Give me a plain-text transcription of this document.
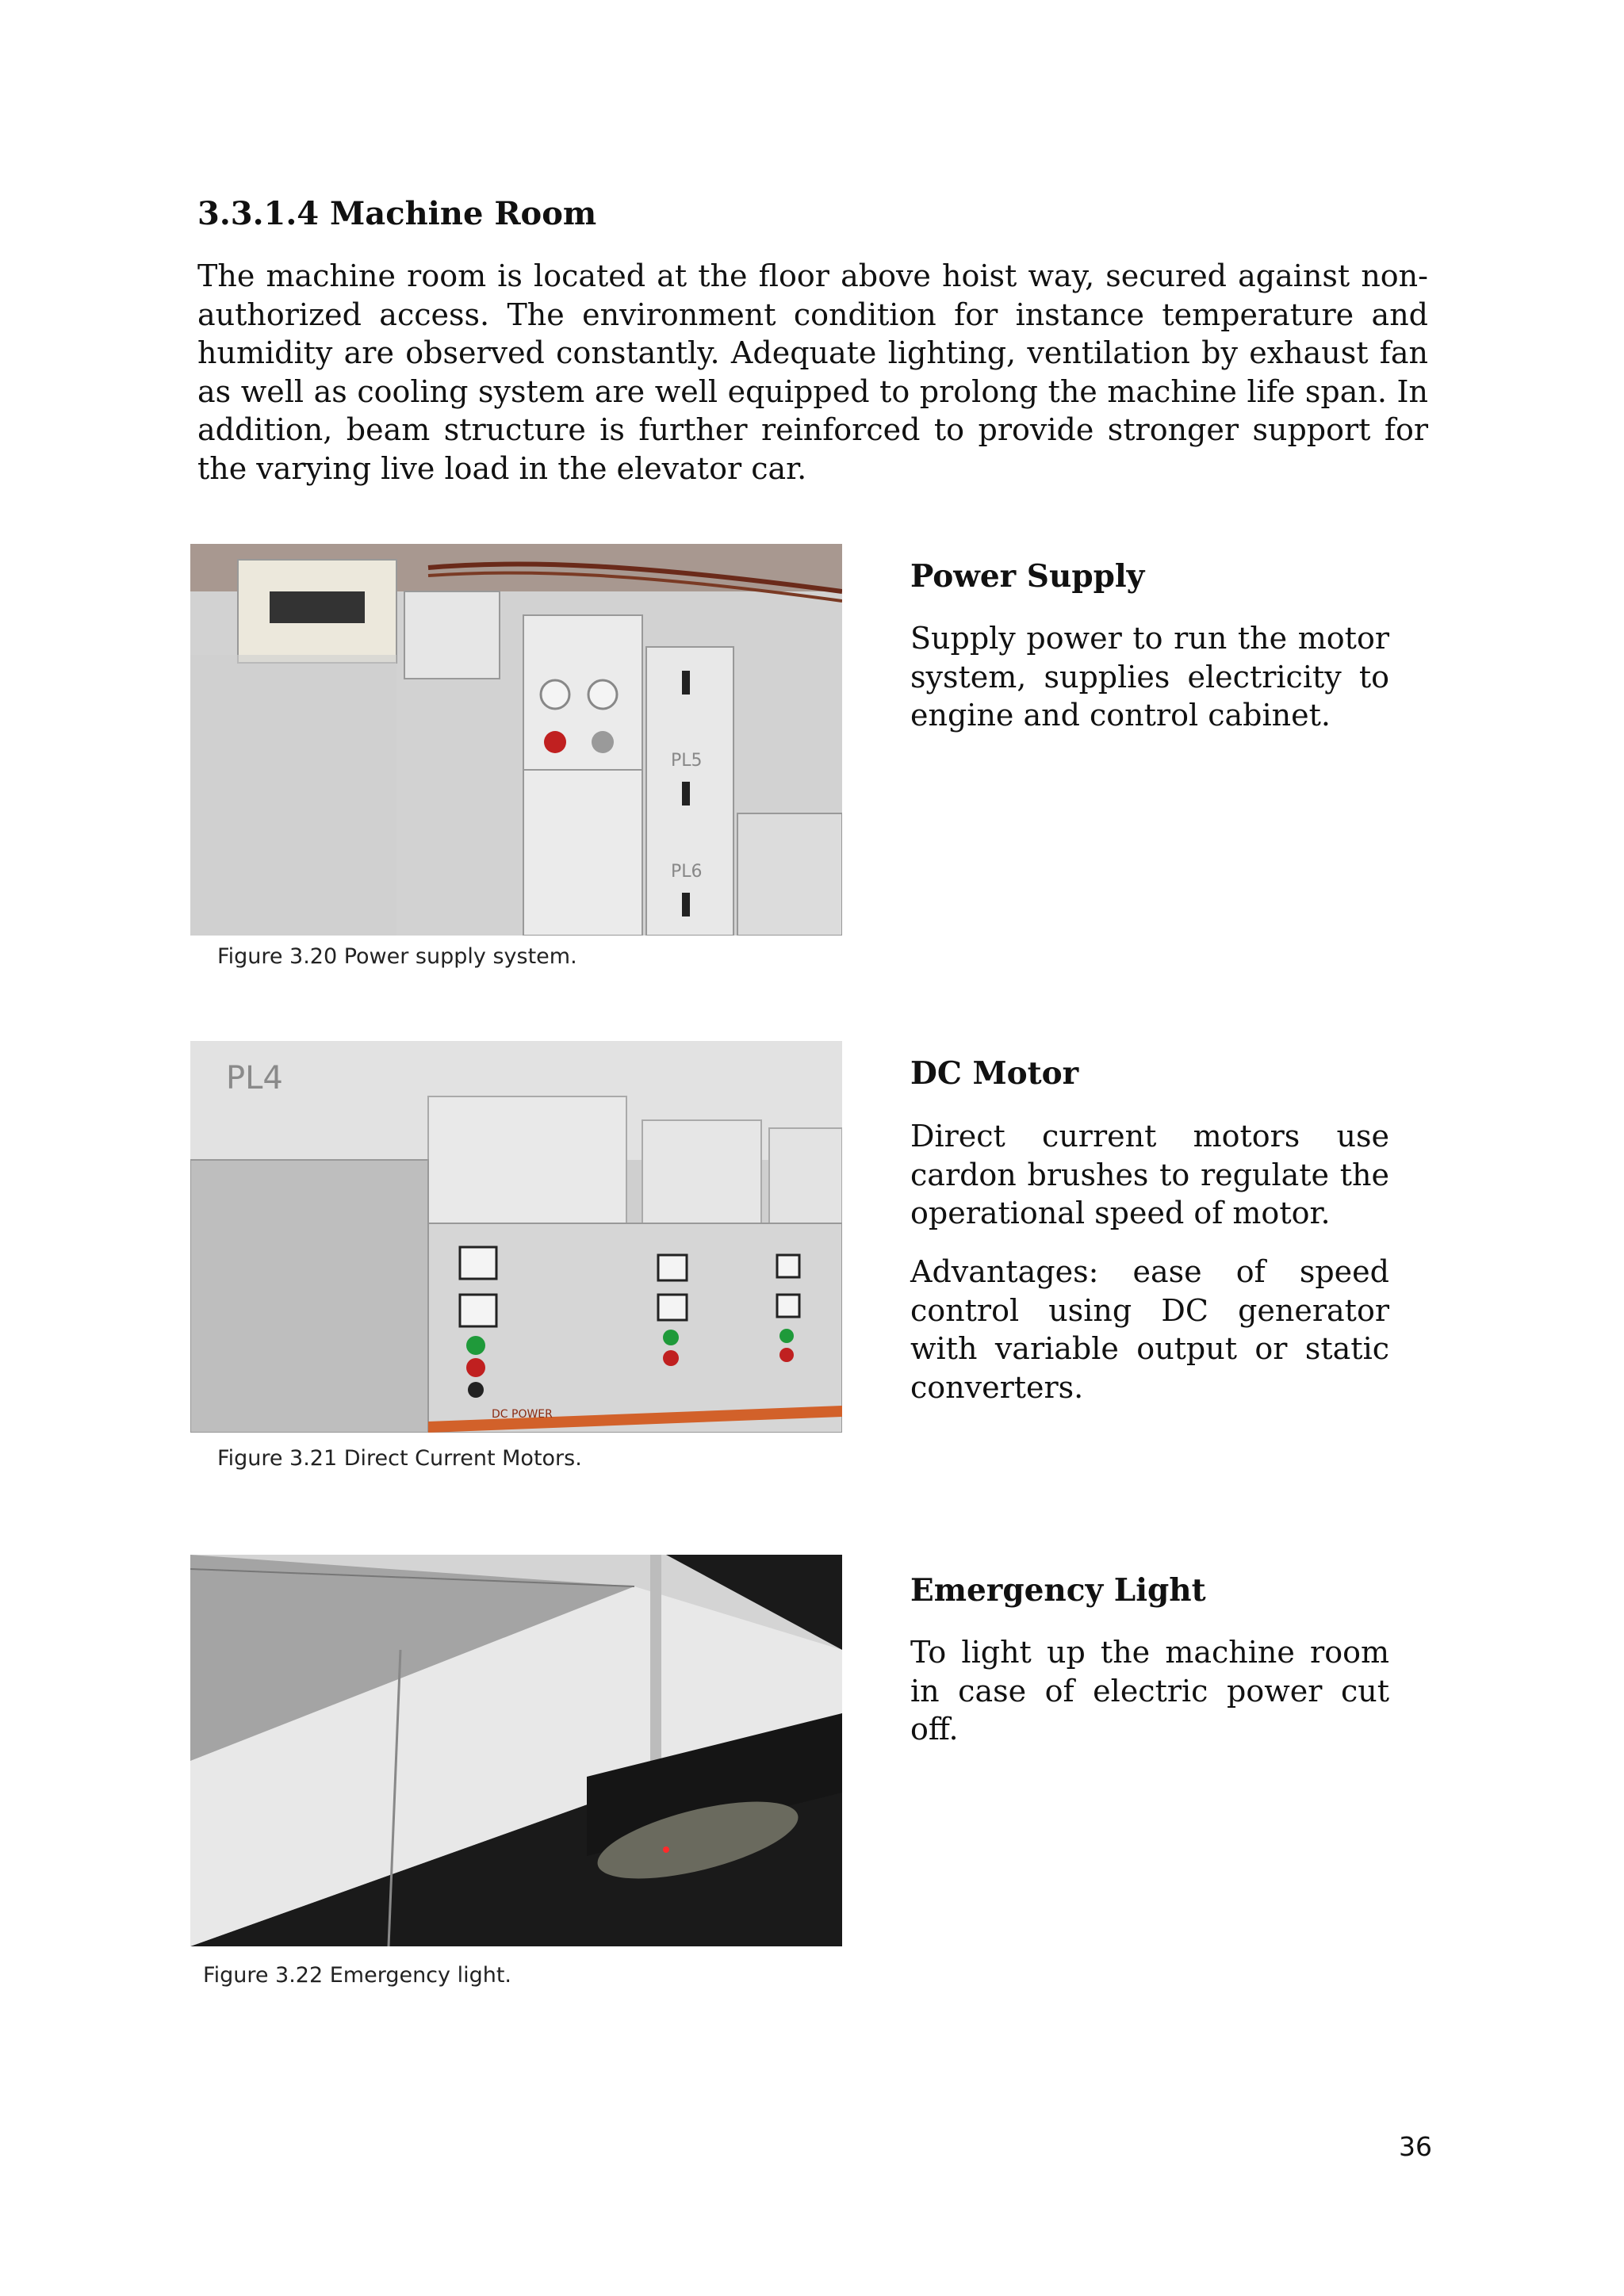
3.3.1.4 Machine Room

The machine room is located at the floor above hoist way, secured against non-authorized access. The environment condition for instance temperature and humidity are observed constantly. Adequate lighting, ventilation by exhaust fan as well as cooling system are well equipped to prolong the machine life span. In addition, beam structure is further reinforced to provide stronger support for the varying live load in the elevator car.

PL5
PL6
Figure 3.20 Power supply system.
Power Supply

Supply power to run the motor system, supplies electricity to engine and control cabinet.

PL4
DC POWER
Figure 3.21 Direct Current Motors.
DC Motor

Direct current motors use cardon brushes to regulate the operational speed of motor.

Advantages: ease of speed control using DC generator with variable output or static converters.

Figure 3.22 Emergency light.
Emergency Light

To light up the machine room in case of electric power cut off.

36
